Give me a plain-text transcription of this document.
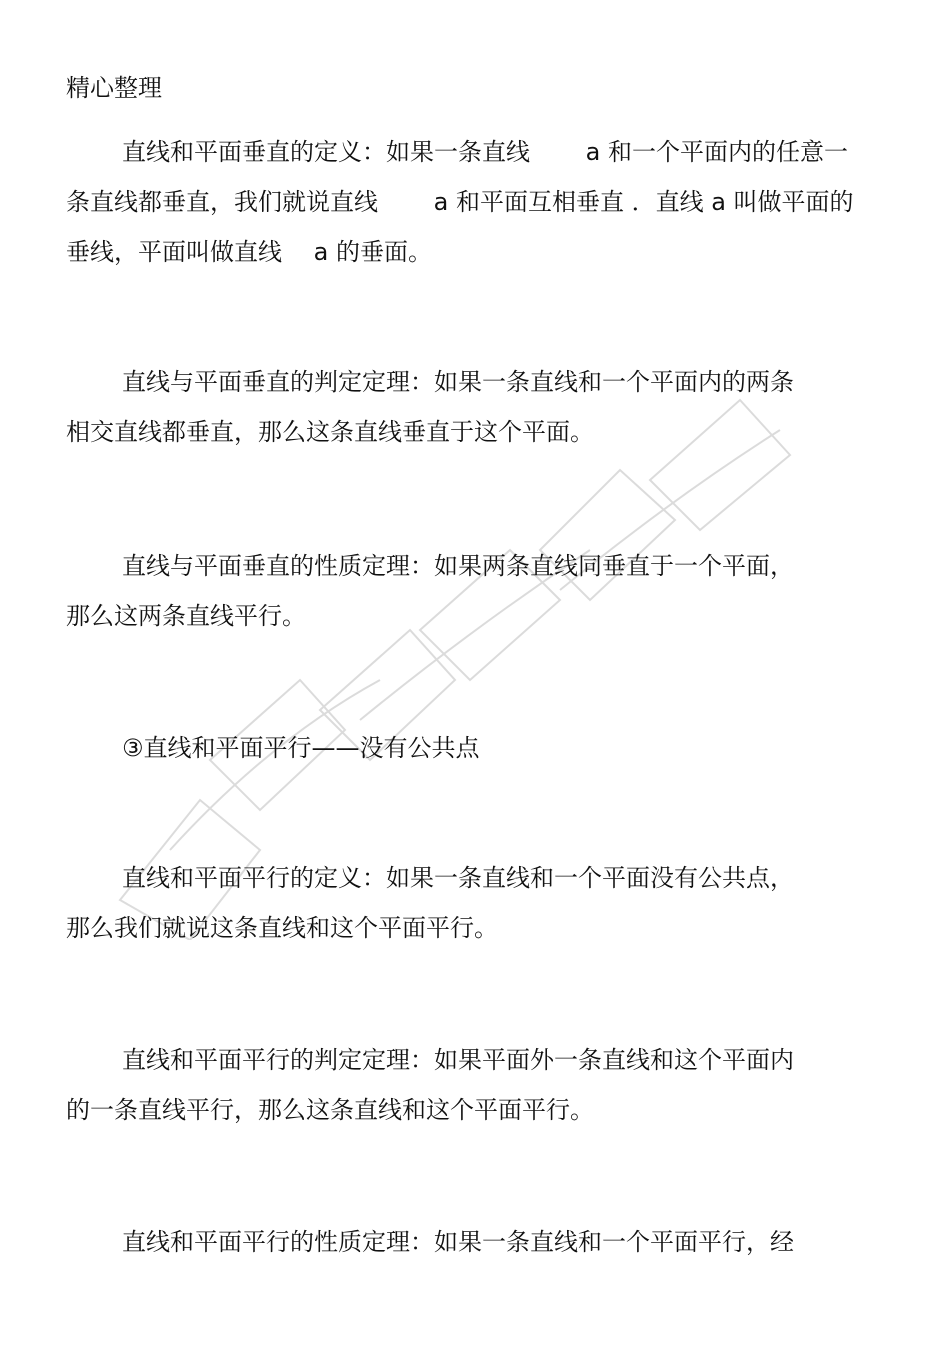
精心整理
直线和平面垂直的定义：如果一条直线　　 a 和一个平面内的任意一
条直线都垂直，我们就说直线　　 a 和平面互相垂直 ．直线 a 叫做平面的
垂线，平面叫做直线　 a 的垂面。
直线与平面垂直的判定定理：如果一条直线和一个平面内的两条
相交直线都垂直，那么这条直线垂直于这个平面。
直线与平面垂直的性质定理：如果两条直线同垂直于一个平面，
那么这两条直线平行。
③直线和平面平行——没有公共点
直线和平面平行的定义：如果一条直线和一个平面没有公共点，
那么我们就说这条直线和这个平面平行。
直线和平面平行的判定定理：如果平面外一条直线和这个平面内
的一条直线平行，那么这条直线和这个平面平行。
直线和平面平行的性质定理：如果一条直线和一个平面平行，经
